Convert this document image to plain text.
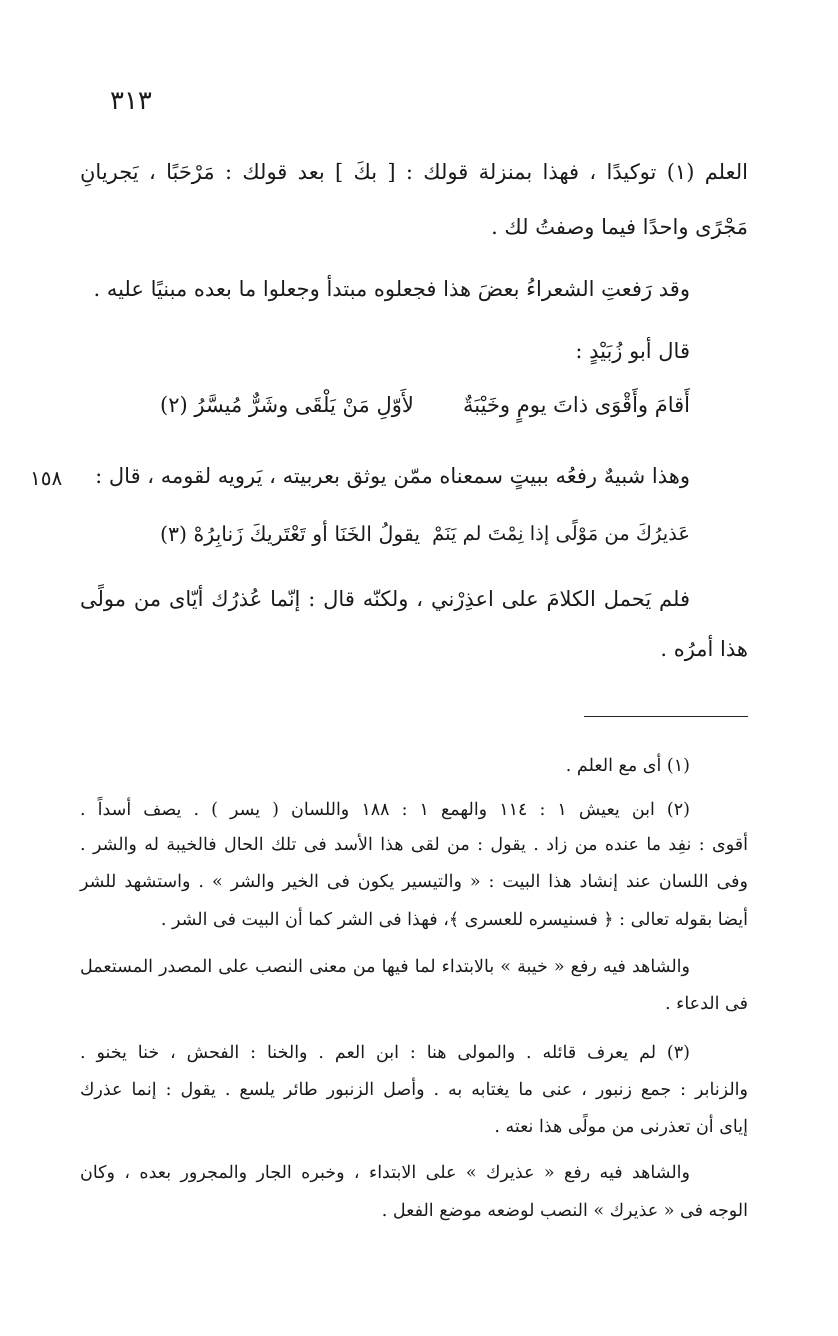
٣١٣
١٥٨
العلم (١) توكيدًا ، فهذا بمنزلة قولك : [ بكَ ] بعد قولك : مَرْحَبًا ، يَجريانِ
مَجْرًى واحدًا فيما وصفتُ لك .
وقد رَفعتِ الشعراءُ بعضَ هذا فجعلوه مبتدأ وجعلوا ما بعده مبنيًا عليه .
قال أبو زُبَيْدٍ :
أَقامَ وأَقْوَى ذاتَ يومٍ وخَيْبَةٌ
لأَوّلِ مَنْ يَلْقَى وشَرٌّ مُيسَّرُ (٢)
وهذا شبيهٌ رفعُه ببيتٍ سمعناه ممّن يوثق بعربيته ، يَرويه لقومه ، قال :
عَذيرُكَ من مَوْلًى إذا نِمْتَ لم يَنَمْ
يقولُ الخَنَا أو تَعْتَريكَ زَنابِرُهْ (٣)
فلم يَحمل الكلامَ على اعذِرْني ، ولكنّه قال : إنّما عُذرُك أيّاى من مولًى
هذا أمرُه .
(١) أى مع العلم .
(٢) ابن يعيش ١ : ١١٤ والهمع ١ : ١٨٨ واللسان ( يسر ) . يصف أسداً .
أقوى : نفِد ما عنده من زاد . يقول : من لقى هذا الأسد فى تلك الحال فالخيبة له والشر .
وفى اللسان عند إنشاد هذا البيت : « والتيسير يكون فى الخير والشر » . واستشهد للشر
أيضا بقوله تعالى : ﴿ فسنيسره للعسرى ﴾، فهذا فى الشر كما أن البيت فى الشر .
والشاهد فيه رفع « خيبة » بالابتداء لما فيها من معنى النصب على المصدر المستعمل
فى الدعاء .
(٣) لم يعرف قائله . والمولى هنا : ابن العم . والخنا : الفحش ، خنا يخنو .
والزنابر : جمع زنبور ، عنى ما يغتابه به . وأصل الزنبور طائر يلسع . يقول : إنما عذرك
إياى أن تعذرنى من مولًى هذا نعته .
والشاهد فيه رفع « عذيرك » على الابتداء ، وخبره الجار والمجرور بعده ، وكان
الوجه فى « عذيرك » النصب لوضعه موضع الفعل .
